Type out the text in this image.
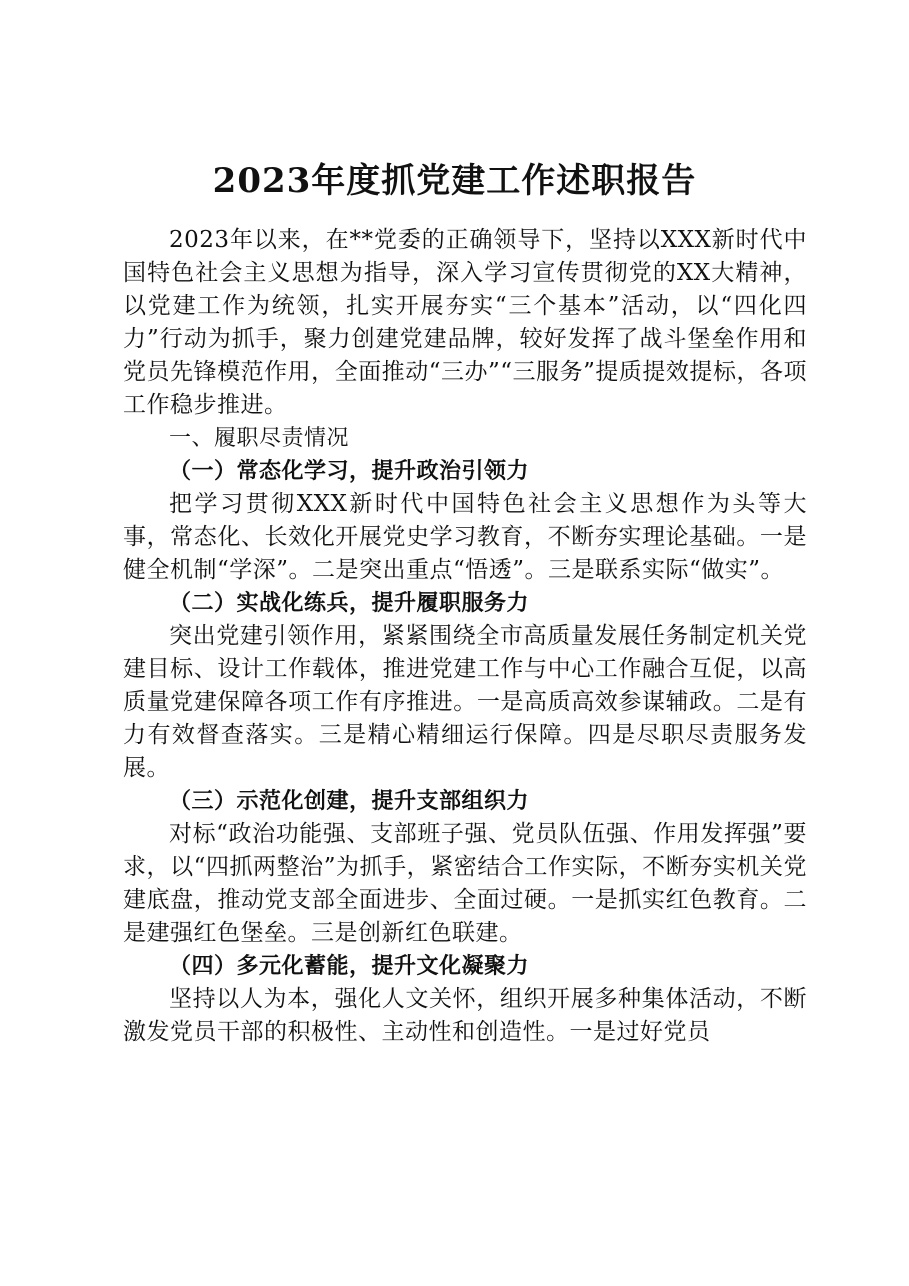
2023年度抓党建工作述职报告

2023年以来，在**党委的正确领导下，坚持以XXX新时代中国特色社会主义思想为指导，深入学习宣传贯彻党的XX大精神，以党建工作为统领，扎实开展夯实“三个基本”活动，以“四化四力”行动为抓手，聚力创建党建品牌，较好发挥了战斗堡垒作用和党员先锋模范作用，全面推动“三办”“三服务”提质提效提标，各项工作稳步推进。

一、履职尽责情况

（一）常态化学习，提升政治引领力

把学习贯彻XXX新时代中国特色社会主义思想作为头等大事，常态化、长效化开展党史学习教育，不断夯实理论基础。一是健全机制“学深”。二是突出重点“悟透”。三是联系实际“做实”。

（二）实战化练兵，提升履职服务力

突出党建引领作用，紧紧围绕全市高质量发展任务制定机关党建目标、设计工作载体，推进党建工作与中心工作融合互促，以高质量党建保障各项工作有序推进。一是高质高效参谋辅政。二是有力有效督查落实。三是精心精细运行保障。四是尽职尽责服务发展。

（三）示范化创建，提升支部组织力

对标“政治功能强、支部班子强、党员队伍强、作用发挥强”要求，以“四抓两整治”为抓手，紧密结合工作实际，不断夯实机关党建底盘，推动党支部全面进步、全面过硬。一是抓实红色教育。二是建强红色堡垒。三是创新红色联建。

（四）多元化蓄能，提升文化凝聚力

坚持以人为本，强化人文关怀，组织开展多种集体活动，不断激发党员干部的积极性、主动性和创造性。一是过好党员
